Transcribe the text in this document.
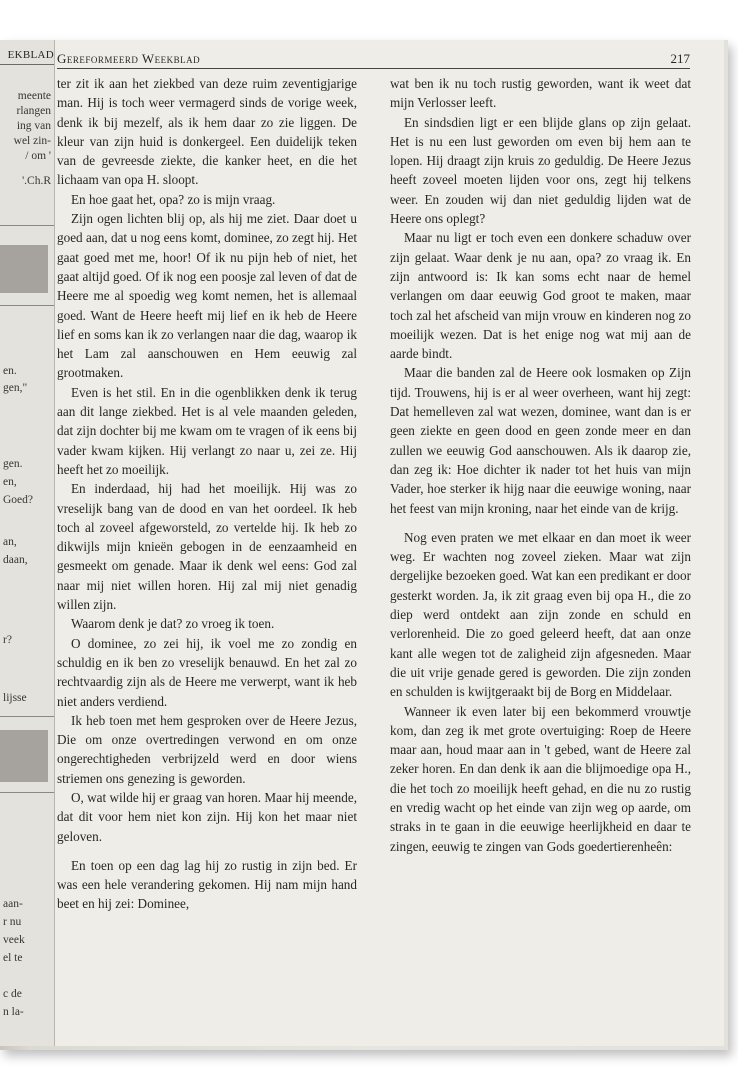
EKBLAD
meente
rlangen
ing van
wel zin-
/ om '
'.Ch.R
en.
gen,"
gen.
en,
Goed?
an,
daan,
r?
lijsse
aan-
r nu
veek
el te
c de
n la-
Gereformeerd Weekblad	217

ter zit ik aan het ziekbed van deze ruim zeventigjarige man. Hij is toch weer vermagerd sinds de vorige week, denk ik bij mezelf, als ik hem daar zo zie liggen. De kleur van zijn huid is donkergeel. Een duidelijk teken van de gevreesde ziekte, die kanker heet, en die het lichaam van opa H. sloopt.

En hoe gaat het, opa? zo is mijn vraag.

Zijn ogen lichten blij op, als hij me ziet. Daar doet u goed aan, dat u nog eens komt, dominee, zo zegt hij. Het gaat goed met me, hoor! Of ik nu pijn heb of niet, het gaat altijd goed. Of ik nog een poosje zal leven of dat de Heere me al spoedig weg komt nemen, het is allemaal goed. Want de Heere heeft mij lief en ik heb de Heere lief en soms kan ik zo verlangen naar die dag, waarop ik het Lam zal aanschouwen en Hem eeuwig zal grootmaken.

Even is het stil. En in die ogenblikken denk ik terug aan dit lange ziekbed. Het is al vele maanden geleden, dat zijn dochter bij me kwam om te vragen of ik eens bij vader kwam kijken. Hij verlangt zo naar u, zei ze. Hij heeft het zo moeilijk.

En inderdaad, hij had het moeilijk. Hij was zo vreselijk bang van de dood en van het oordeel. Ik heb toch al zoveel afgeworsteld, zo vertelde hij. Ik heb zo dikwijls mijn knieën gebogen in de eenzaamheid en gesmeekt om genade. Maar ik denk wel eens: God zal naar mij niet willen horen. Hij zal mij niet genadig willen zijn.

Waarom denk je dat? zo vroeg ik toen.

O dominee, zo zei hij, ik voel me zo zondig en schuldig en ik ben zo vreselijk benauwd. En het zal zo rechtvaardig zijn als de Heere me verwerpt, want ik heb niet anders verdiend.

Ik heb toen met hem gesproken over de Heere Jezus, Die om onze overtredingen verwond en om onze ongerechtigheden verbrijzeld werd en door wiens striemen ons genezing is geworden.

O, wat wilde hij er graag van horen. Maar hij meende, dat dit voor hem niet kon zijn. Hij kon het maar niet geloven.

En toen op een dag lag hij zo rustig in zijn bed. Er was een hele verandering gekomen. Hij nam mijn hand beet en hij zei: Dominee,

wat ben ik nu toch rustig geworden, want ik weet dat mijn Verlosser leeft.

En sindsdien ligt er een blijde glans op zijn gelaat. Het is nu een lust geworden om even bij hem aan te lopen. Hij draagt zijn kruis zo geduldig. De Heere Jezus heeft zoveel moeten lijden voor ons, zegt hij telkens weer. En zouden wij dan niet geduldig lijden wat de Heere ons oplegt?

Maar nu ligt er toch even een donkere schaduw over zijn gelaat. Waar denk je nu aan, opa? zo vraag ik. En zijn antwoord is: Ik kan soms echt naar de hemel verlangen om daar eeuwig God groot te maken, maar toch zal het afscheid van mijn vrouw en kinderen nog zo moeilijk wezen. Dat is het enige nog wat mij aan de aarde bindt.

Maar die banden zal de Heere ook losmaken op Zijn tijd. Trouwens, hij is er al weer overheen, want hij zegt: Dat hemelleven zal wat wezen, dominee, want dan is er geen ziekte en geen dood en geen zonde meer en dan zullen we eeuwig God aanschouwen. Als ik daarop zie, dan zeg ik: Hoe dichter ik nader tot het huis van mijn Vader, hoe sterker ik hijg naar die eeuwige woning, naar het feest van mijn kroning, naar het einde van de krijg.

Nog even praten we met elkaar en dan moet ik weer weg. Er wachten nog zoveel zieken. Maar wat zijn dergelijke bezoeken goed. Wat kan een predikant er door gesterkt worden. Ja, ik zit graag even bij opa H., die zo diep werd ontdekt aan zijn zonde en schuld en verlorenheid. Die zo goed geleerd heeft, dat aan onze kant alle wegen tot de zaligheid zijn afgesneden. Maar die uit vrije genade gered is geworden. Die zijn zonden en schulden is kwijtgeraakt bij de Borg en Middelaar.

Wanneer ik even later bij een bekommerd vrouwtje kom, dan zeg ik met grote overtuiging: Roep de Heere maar aan, houd maar aan in 't gebed, want de Heere zal zeker horen. En dan denk ik aan die blijmoedige opa H., die het toch zo moeilijk heeft gehad, en die nu zo rustig en vredig wacht op het einde van zijn weg op aarde, om straks in te gaan in die eeuwige heerlijkheid en daar te zingen, eeuwig te zingen van Gods goedertierenheên:
